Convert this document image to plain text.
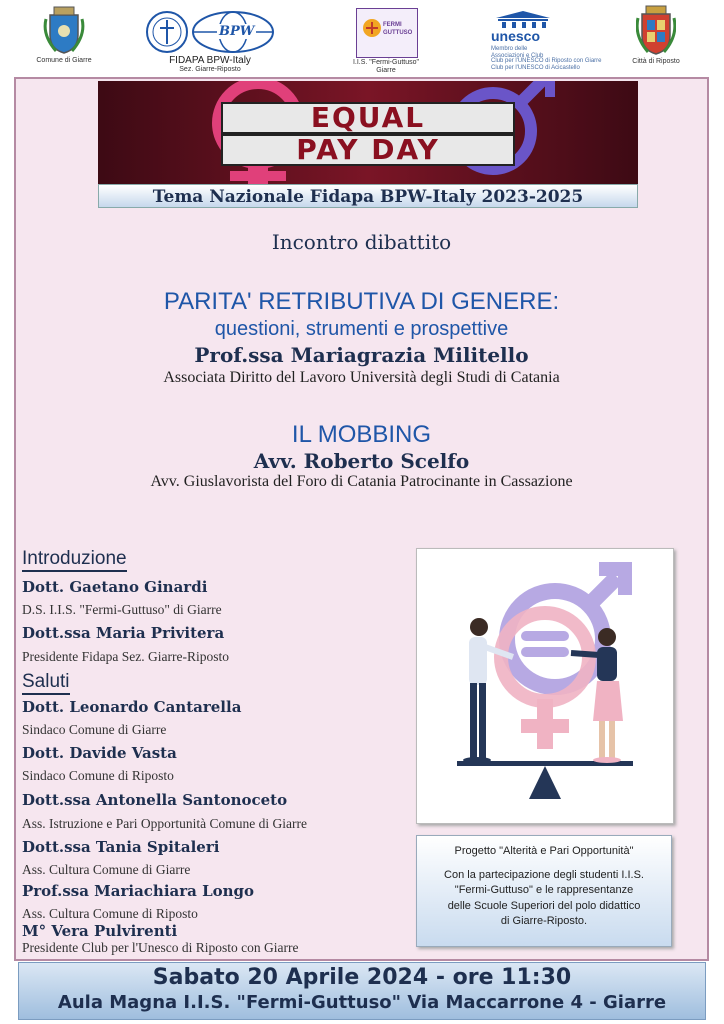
Comune di Giarre
BPW
FIDAPA BPW-Italy
Sez. Giarre-Riposto
FERMI GUTTUSO
I.I.S. "Fermi-Guttuso"
Giarre
unesco
Membro delle Associazioni e Club
Club per l'UNESCO di Riposto con Giarre
Club per l'UNESCO di Acicastello
Città di Riposto
EQUAL
PAY DAY
Tema Nazionale Fidapa BPW-Italy 2023-2025
Incontro dibattito
PARITA' RETRIBUTIVA DI GENERE:
questioni, strumenti e prospettive
Prof.ssa Mariagrazia Militello
Associata Diritto del Lavoro Università degli Studi di Catania
IL MOBBING
Avv. Roberto Scelfo
Avv. Giuslavorista del Foro di Catania Patrocinante in Cassazione
Introduzione
Dott. Gaetano Ginardi
D.S. I.I.S. "Fermi-Guttuso" di Giarre
Dott.ssa Maria Privitera
Presidente Fidapa Sez. Giarre-Riposto
Saluti
Dott. Leonardo Cantarella
Sindaco Comune di Giarre
Dott. Davide Vasta
Sindaco Comune di Riposto
Dott.ssa Antonella Santonoceto
Ass. Istruzione e Pari Opportunità Comune di Giarre
Dott.ssa Tania Spitaleri
Ass. Cultura Comune di Giarre
Prof.ssa Mariachiara Longo
Ass. Cultura Comune di Riposto
M° Vera Pulvirenti
Presidente Club per l'Unesco di Riposto con Giarre
Progetto "Alterità e Pari Opportunità"
Con la partecipazione degli studenti I.I.S.
"Fermi-Guttuso" e le rappresentanze
delle Scuole Superiori del polo didattico
di Giarre-Riposto.
Sabato 20 Aprile 2024 - ore 11:30
Aula Magna I.I.S. "Fermi-Guttuso" Via Maccarrone 4 - Giarre
